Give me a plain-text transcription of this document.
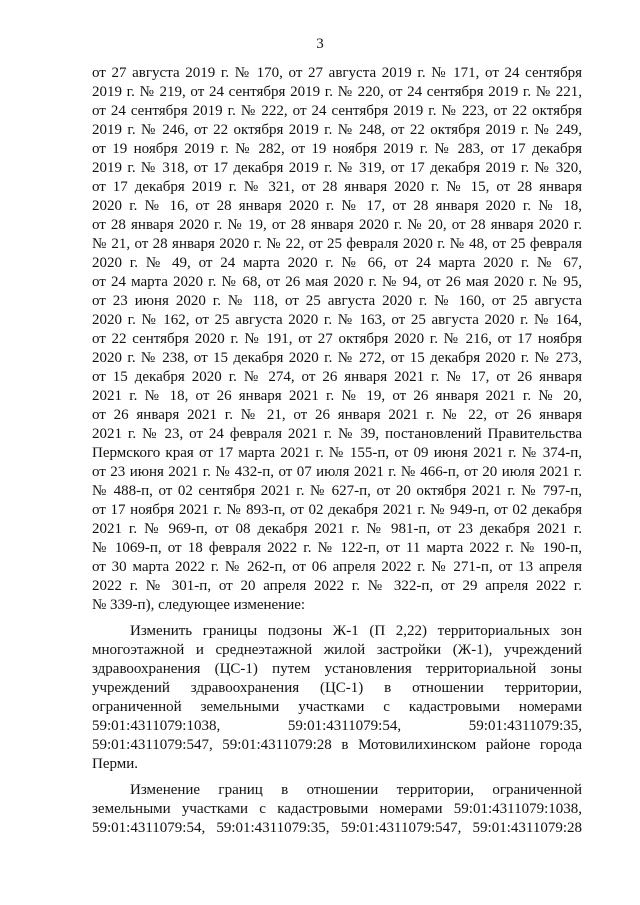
3
от 27 августа 2019 г. № 170, от 27 августа 2019 г. № 171, от 24 сентября
2019 г. № 219, от 24 сентября 2019 г. № 220, от 24 сентября 2019 г. № 221,
от 24 сентября 2019 г. № 222, от 24 сентября 2019 г. № 223, от 22 октября
2019 г. № 246, от 22 октября 2019 г. № 248, от 22 октября 2019 г. № 249,
от 19 ноября 2019 г. № 282, от 19 ноября 2019 г. № 283, от 17 декабря
2019 г. № 318, от 17 декабря 2019 г. № 319, от 17 декабря 2019 г. № 320,
от 17 декабря 2019 г. № 321, от 28 января 2020 г. № 15, от 28 января
2020 г. № 16, от 28 января 2020 г. № 17, от 28 января 2020 г. № 18,
от 28 января 2020 г. № 19, от 28 января 2020 г. № 20, от 28 января 2020 г.
№ 21, от 28 января 2020 г. № 22, от 25 февраля 2020 г. № 48, от 25 февраля
2020 г. № 49, от 24 марта 2020 г. № 66, от 24 марта 2020 г. № 67,
от 24 марта 2020 г. № 68, от 26 мая 2020 г. № 94, от 26 мая 2020 г. № 95,
от 23 июня 2020 г. № 118, от 25 августа 2020 г. № 160, от 25 августа
2020 г. № 162, от 25 августа 2020 г. № 163, от 25 августа 2020 г. № 164,
от 22 сентября 2020 г. № 191, от 27 октября 2020 г. № 216, от 17 ноября
2020 г. № 238, от 15 декабря 2020 г. № 272, от 15 декабря 2020 г. № 273,
от 15 декабря 2020 г. № 274, от 26 января 2021 г. № 17, от 26 января
2021 г. № 18, от 26 января 2021 г. № 19, от 26 января 2021 г. № 20,
от 26 января 2021 г. № 21, от 26 января 2021 г. № 22, от 26 января
2021 г. № 23, от 24 февраля 2021 г. № 39, постановлений Правительства
Пермского края от 17 марта 2021 г. № 155-п, от 09 июня 2021 г. № 374-п,
от 23 июня 2021 г. № 432-п, от 07 июля 2021 г. № 466-п, от 20 июля 2021 г.
№ 488-п, от 02 сентября 2021 г. № 627-п, от 20 октября 2021 г. № 797-п,
от 17 ноября 2021 г. № 893-п, от 02 декабря 2021 г. № 949-п, от 02 декабря
2021 г. № 969-п, от 08 декабря 2021 г. № 981-п, от 23 декабря 2021 г.
№ 1069-п, от 18 февраля 2022 г. № 122-п, от 11 марта 2022 г. № 190-п,
от 30 марта 2022 г. № 262-п, от 06 апреля 2022 г. № 271-п, от 13 апреля
2022 г. № 301-п, от 20 апреля 2022 г. № 322-п, от 29 апреля 2022 г.
№ 339-п), следующее изменение:
Изменить границы подзоны Ж-1 (П 2,22) территориальных зон
многоэтажной и среднеэтажной жилой застройки (Ж-1), учреждений
здравоохранения (ЦС-1) путем установления территориальной зоны
учреждений здравоохранения (ЦС-1) в отношении территории,
ограниченной земельными участками с кадастровыми номерами
59:01:4311079:1038, 59:01:4311079:54, 59:01:4311079:35,
59:01:4311079:547, 59:01:4311079:28 в Мотовилихинском районе города
Перми.
Изменение границ в отношении территории, ограниченной
земельными участками с кадастровыми номерами 59:01:4311079:1038,
59:01:4311079:54, 59:01:4311079:35, 59:01:4311079:547, 59:01:4311079:28
